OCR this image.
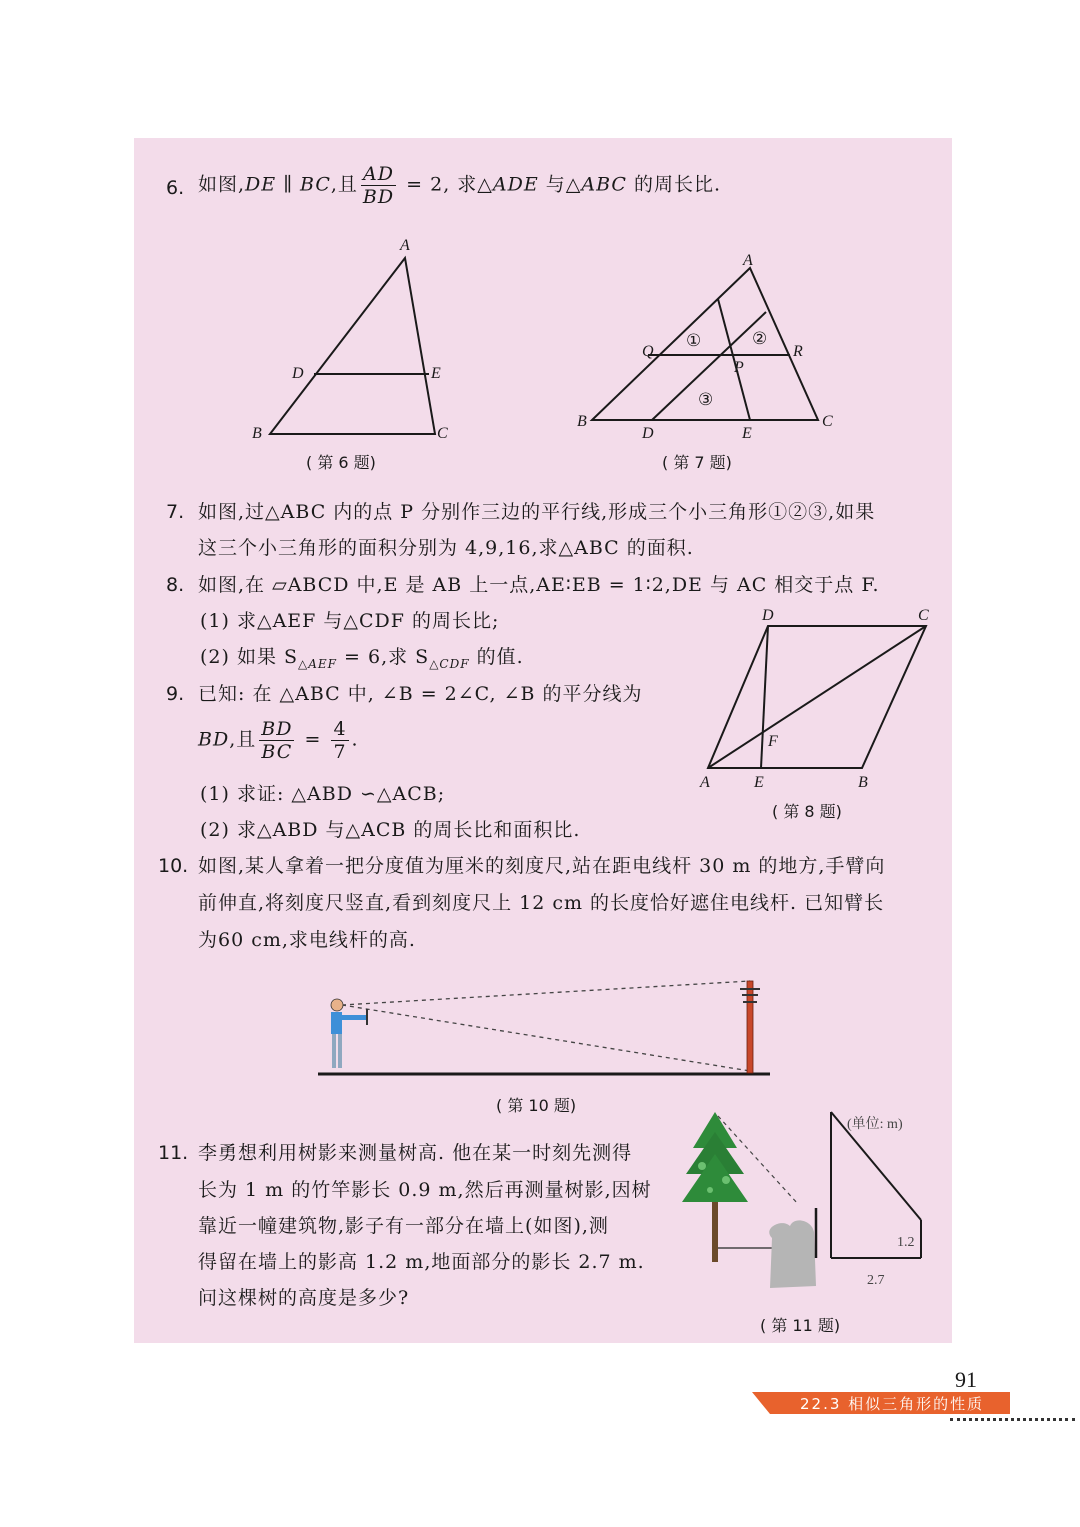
6. 如图,DE ∥ BC,且 $\frac{AD}{BD} = 2$, 求△ADE 与△ABC 的周长比.
A
D	E
B	C
( 第 6 题)
A
Q	R
P
B	C
D	E
①	②
③
( 第 7 题)
7. 如图,过△ABC 内的点 P 分别作三边的平行线,形成三个小三角形①②③,如果
这三个小三角形的面积分别为 4,9,16,求△ABC 的面积.
8. 如图,在 ▱ABCD 中,E 是 AB 上一点,AE∶EB = 1∶2,DE 与 AC 相交于点 F.
(1) 求△AEF 与△CDF 的周长比;
(2) 如果 $S_{\triangle AEF} = 6$,求 $S_{\triangle CDF}$ 的值.
D	C
F
A	E	B
( 第 8 题)
9. 已知: 在 △ABC 中, ∠B = 2∠C, ∠B 的平分线为
BD,且 $\frac{BD}{BC} = \frac{4}{7}$ .
(1) 求证: △ABD ∽△ACB;
(2) 求△ABD 与△ACB 的周长比和面积比.
10. 如图,某人拿着一把分度值为厘米的刻度尺,站在距电线杆 30 m 的地方,手臂向
前伸直,将刻度尺竖直,看到刻度尺上 12 cm 的长度恰好遮住电线杆. 已知臂长
为60 cm,求电线杆的高.
( 第 10 题)
11. 李勇想利用树影来测量树高. 他在某一时刻先测得
长为 1 m 的竹竿影长 0.9 m,然后再测量树影,因树
靠近一幢建筑物,影子有一部分在墙上(如图),测
得留在墙上的影高 1.2 m,地面部分的影长 2.7 m.
问这棵树的高度是多少?
(单位: m)
1.2
2.7
( 第 11 题)
91
22.3 相似三角形的性质
